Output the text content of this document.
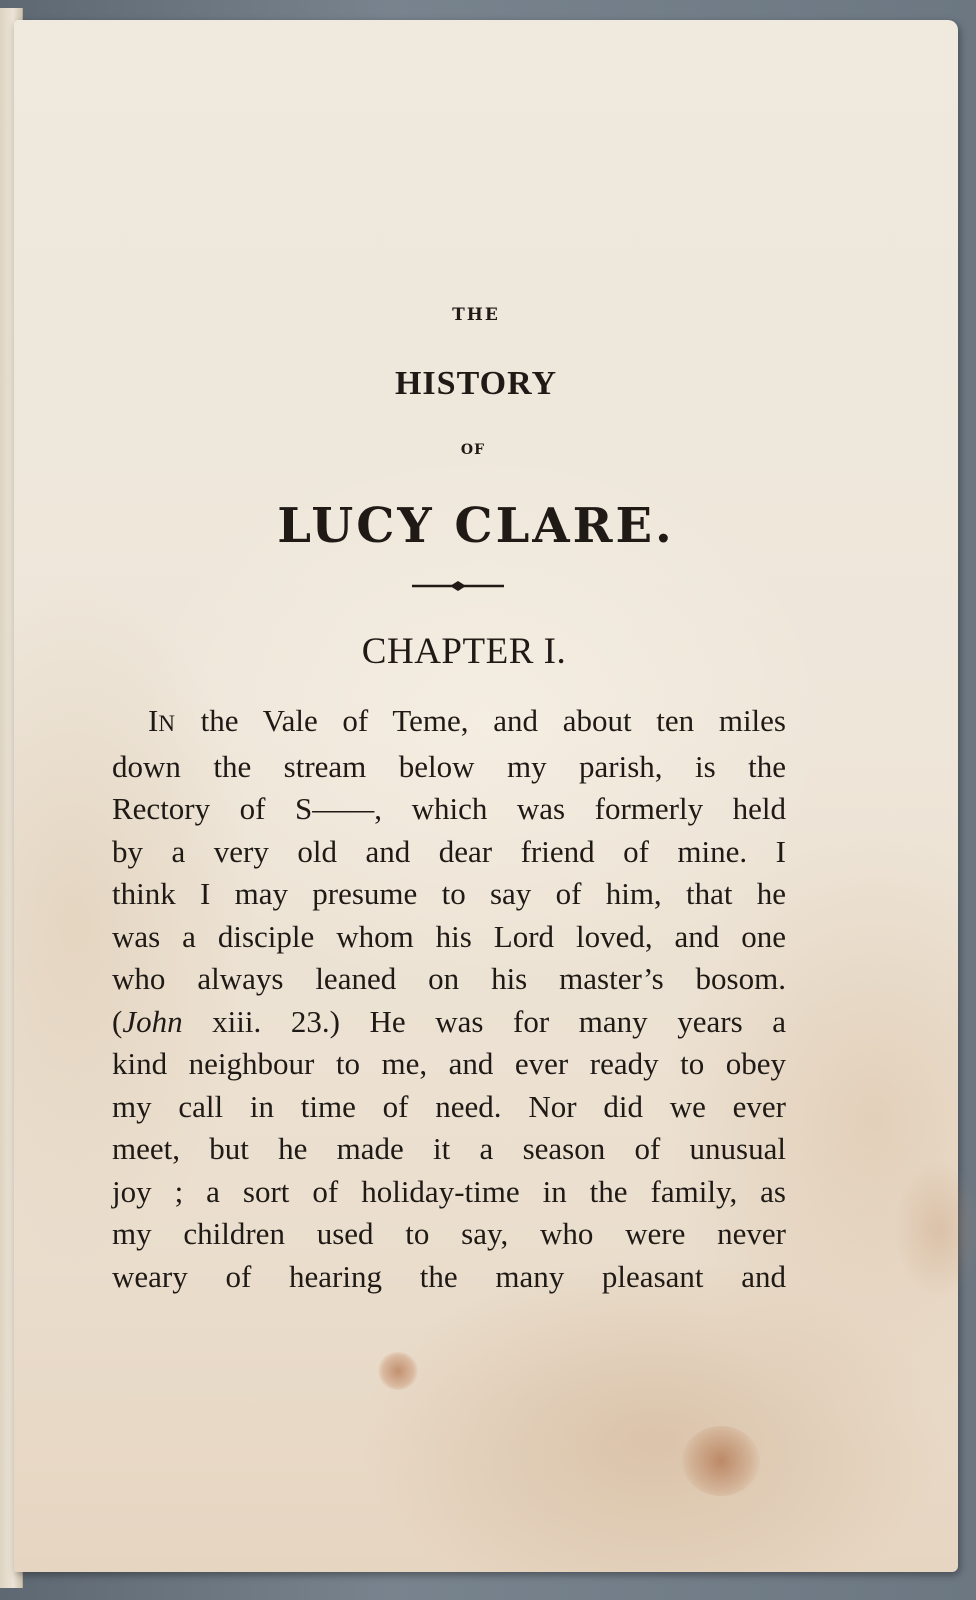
THE
HISTORY
OF
LUCY CLARE.
CHAPTER I.
IN the Vale of Teme, and about ten miles
down the stream below my parish, is the
Rectory of S——, which was formerly held
by a very old and dear friend of mine. I
think I may presume to say of him, that he
was a disciple whom his Lord loved, and one
who always leaned on his master’s bosom.
(John xiii. 23.) He was for many years a
kind neighbour to me, and ever ready to obey
my call in time of need. Nor did we ever
meet, but he made it a season of unusual
joy ; a sort of holiday-time in the family, as
my children used to say, who were never
weary of hearing the many pleasant and
